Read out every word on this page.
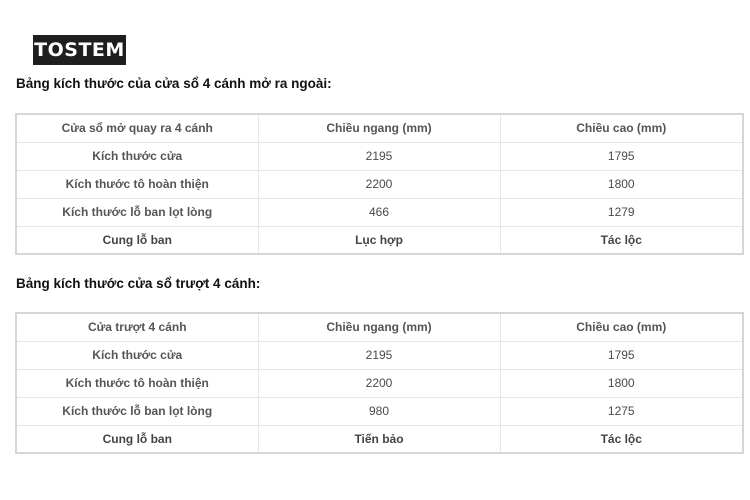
TOSTEM
Bảng kích thước của cửa sổ 4 cánh mở ra ngoài:
Cửa sổ mở quay ra 4 cánh	Chiều ngang (mm)	Chiều cao (mm)
Kích thước cửa	2195	1795
Kích thước tô hoàn thiện	2200	1800
Kích thước lỗ ban lọt lòng	466	1279
Cung lỗ ban	Lục hợp	Tác lộc
Bảng kích thước cửa sổ trượt 4 cánh:
Cửa trượt 4 cánh	Chiều ngang (mm)	Chiều cao (mm)
Kích thước cửa	2195	1795
Kích thước tô hoàn thiện	2200	1800
Kích thước lỗ ban lọt lòng	980	1275
Cung lỗ ban	Tiến bảo	Tác lộc
